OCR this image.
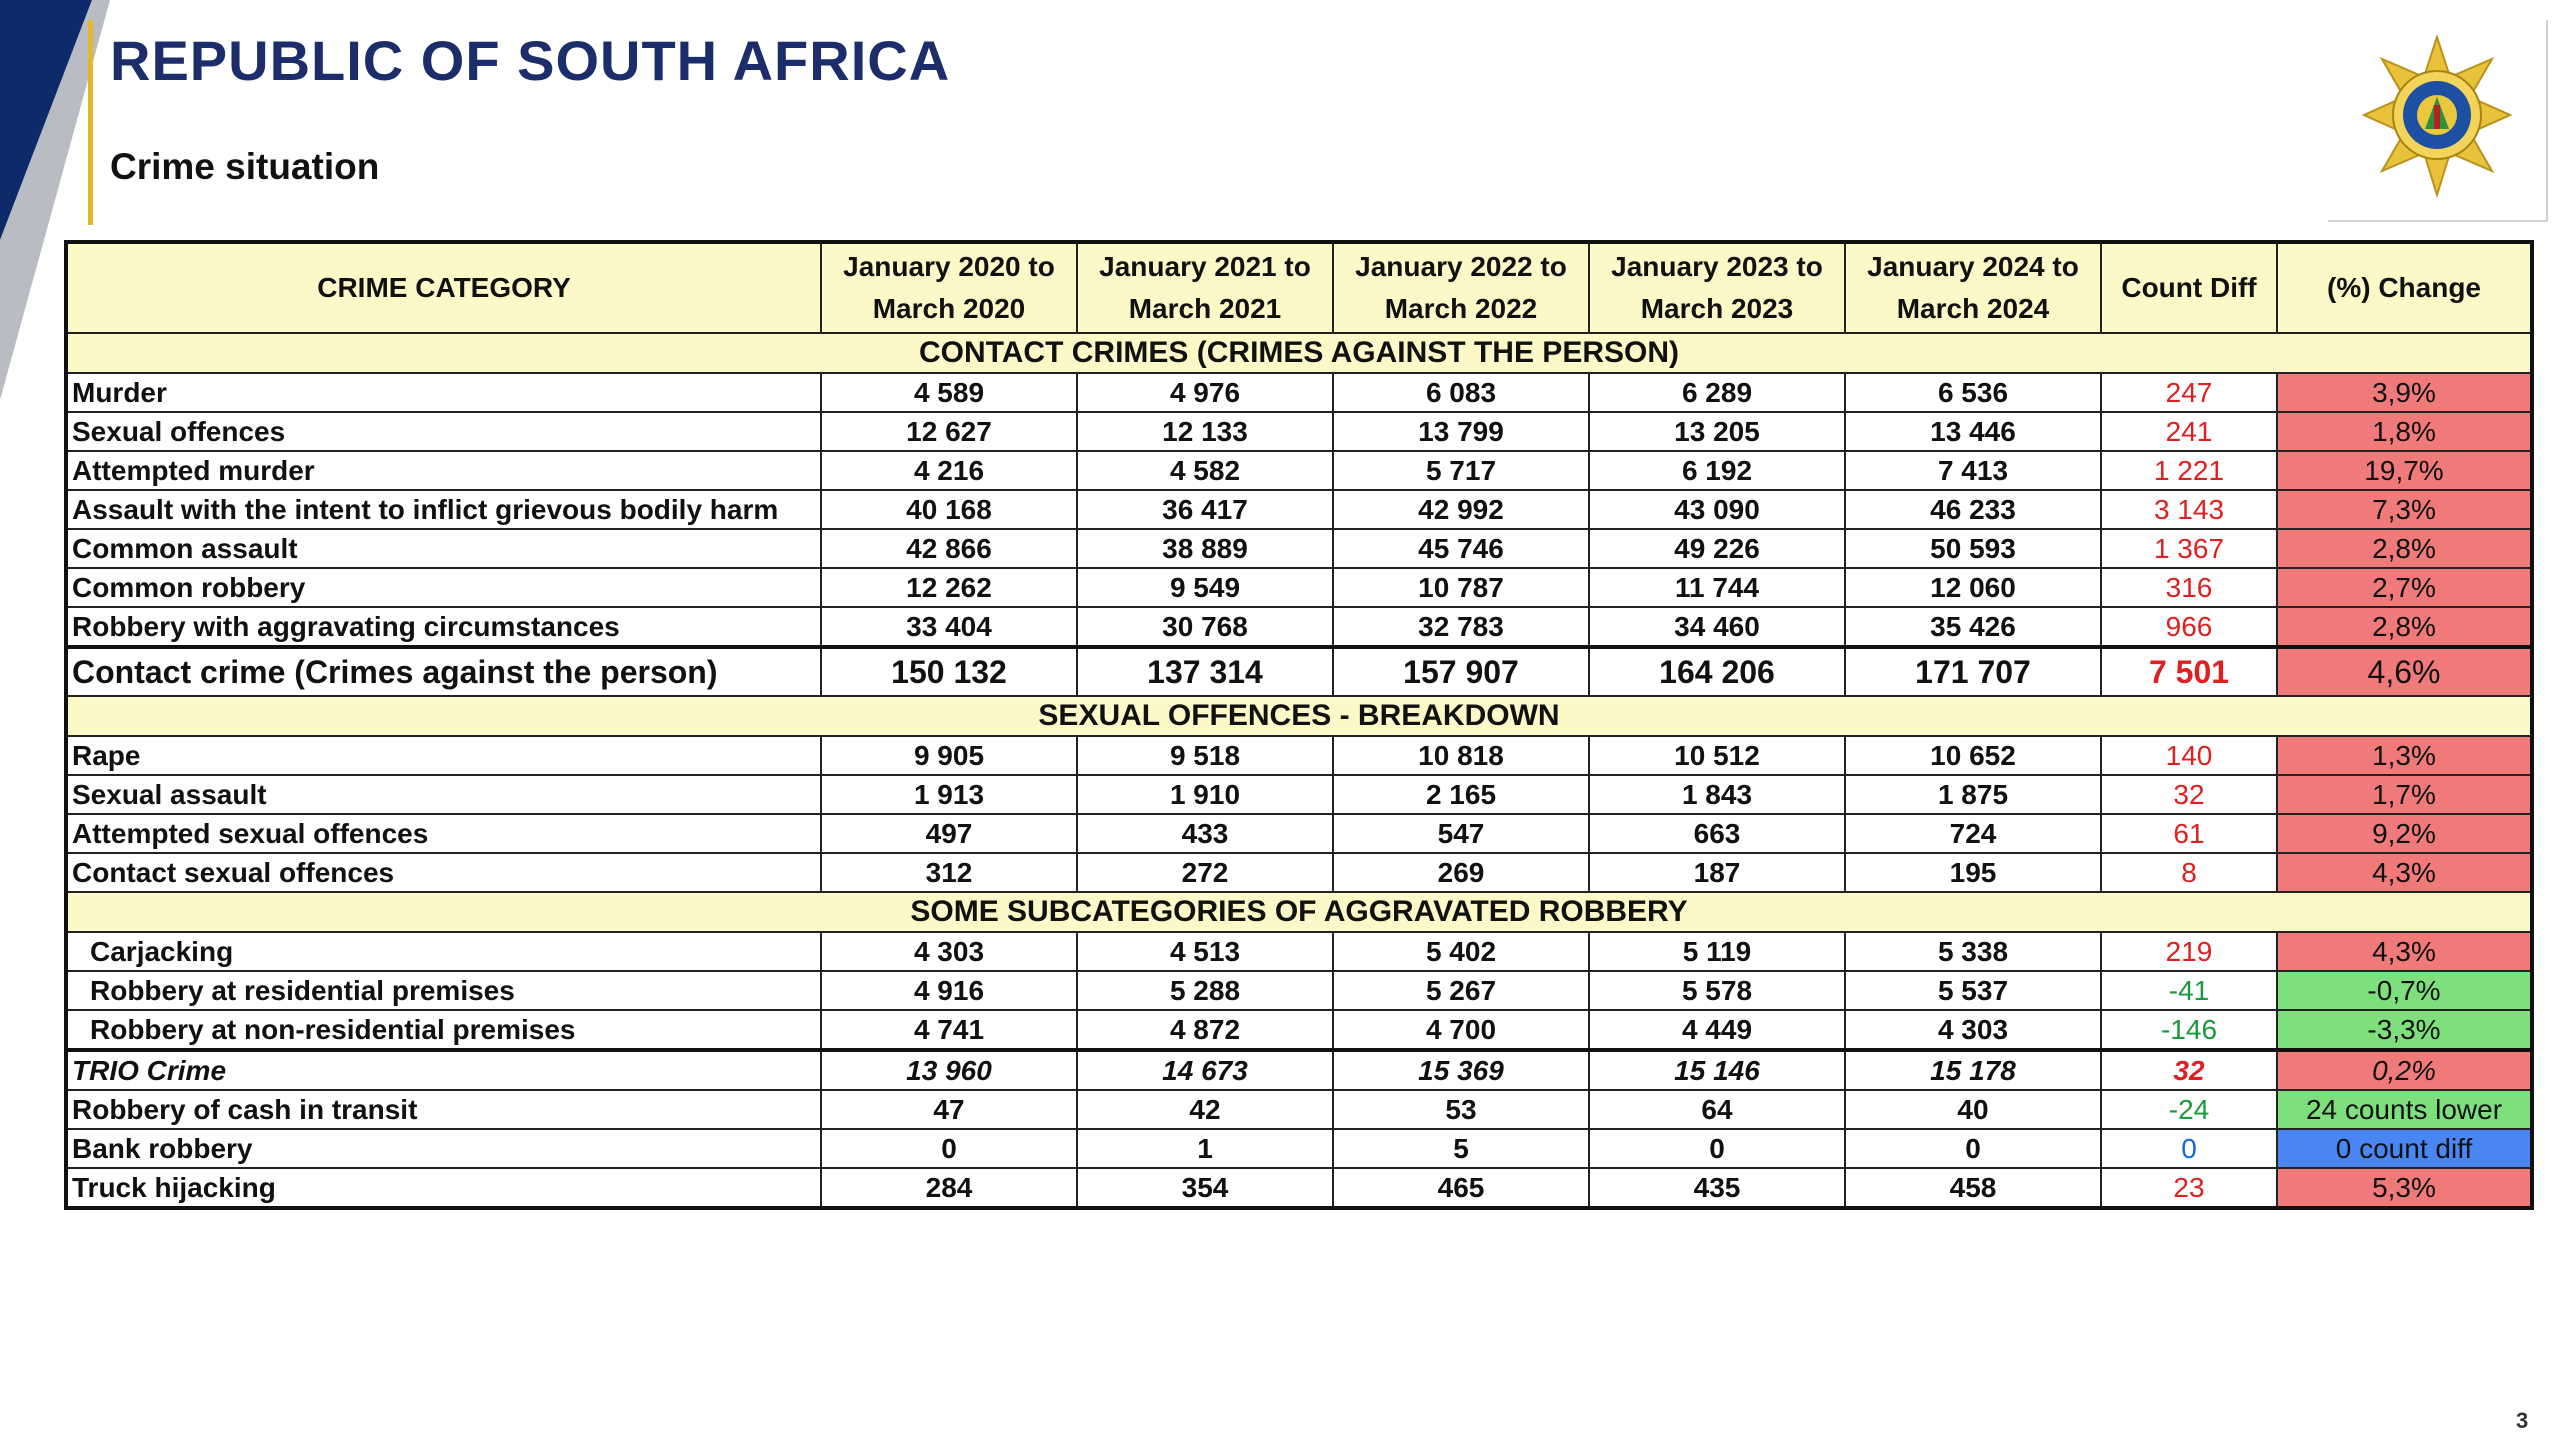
REPUBLIC OF SOUTH AFRICA
Crime situation
CRIME CATEGORY	January 2020 to March 2020	January 2021 to March 2021	January 2022 to March 2022	January 2023 to March 2023	January 2024 to March 2024	Count Diff	(%) Change
CONTACT CRIMES (CRIMES AGAINST THE PERSON)							
Murder	4 589	4 976	6 083	6 289	6 536	247	3,9%
Sexual offences	12 627	12 133	13 799	13 205	13 446	241	1,8%
Attempted murder	4 216	4 582	5 717	6 192	7 413	1 221	19,7%
Assault with the intent to inflict grievous bodily harm	40 168	36 417	42 992	43 090	46 233	3 143	7,3%
Common assault	42 866	38 889	45 746	49 226	50 593	1 367	2,8%
Common robbery	12 262	9 549	10 787	11 744	12 060	316	2,7%
Robbery with aggravating circumstances	33 404	30 768	32 783	34 460	35 426	966	2,8%
Contact crime (Crimes against the person)	150 132	137 314	157 907	164 206	171 707	7 501	4,6%
SEXUAL OFFENCES - BREAKDOWN							
Rape	9 905	9 518	10 818	10 512	10 652	140	1,3%
Sexual assault	1 913	1 910	2 165	1 843	1 875	32	1,7%
Attempted sexual offences	497	433	547	663	724	61	9,2%
Contact sexual offences	312	272	269	187	195	8	4,3%
SOME SUBCATEGORIES OF AGGRAVATED ROBBERY							
Carjacking	4 303	4 513	5 402	5 119	5 338	219	4,3%
Robbery at residential premises	4 916	5 288	5 267	5 578	5 537	-41	-0,7%
Robbery at non-residential premises	4 741	4 872	4 700	4 449	4 303	-146	-3,3%
TRIO Crime	13 960	14 673	15 369	15 146	15 178	32	0,2%
Robbery of cash in transit	47	42	53	64	40	-24	24 counts lower
Bank robbery	0	1	5	0	0	0	0 count diff
Truck hijacking	284	354	465	435	458	23	5,3%
3
